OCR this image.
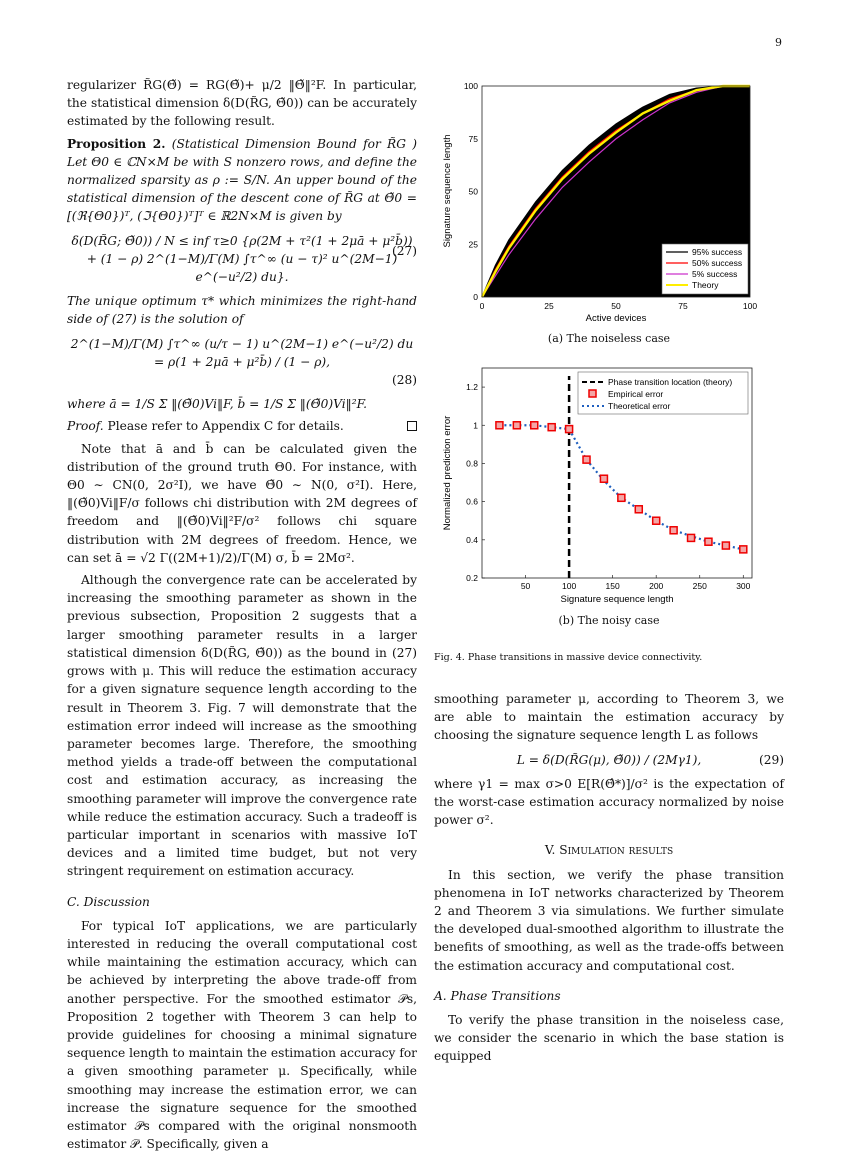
9

regularizer R̃G(Θ̃) = RG(Θ̃)+ μ/2 ‖Θ̃‖²F. In particular, the statistical dimension δ(D(R̃G, Θ̃0)) can be accurately estimated by the following result.

Proposition 2. (Statistical Dimension Bound for R̃G ) Let Θ0 ∈ ℂN×M be with S nonzero rows, and define the normalized sparsity as ρ := S/N. An upper bound of the statistical dimension of the descent cone of R̃G at Θ̃0 = [(ℜ{Θ0})ᵀ, (ℑ{Θ0})ᵀ]ᵀ ∈ ℝ2N×M is given by

δ(D(R̃G; Θ̃0)) / N ≤ inf τ≥0 {ρ(2M + τ²(1 + 2μā + μ²b̄))
+ (1 − ρ) 2^(1−M)/Γ(M) ∫τ^∞ (u − τ)² u^(2M−1) e^(−u²/2) du}.
(27)

The unique optimum τ* which minimizes the right-hand side of (27) is the solution of

2^(1−M)/Γ(M) ∫τ^∞ (u/τ − 1) u^(2M−1) e^(−u²/2) du = ρ(1 + 2μā + μ²b̄) / (1 − ρ),
(28)

where ā = 1/S Σ ‖(Θ̃0)Vi‖F, b̄ = 1/S Σ ‖(Θ̃0)Vi‖²F.

Proof. Please refer to Appendix C for details.

Note that ā and b̄ can be calculated given the distribution of the ground truth Θ0. For instance, with Θ0 ∼ CN(0, 2σ²I), we have Θ̃0 ∼ N(0, σ²I). Here, ‖(Θ̃0)Vi‖F/σ follows chi distribution with 2M degrees of freedom and ‖(Θ̃0)Vi‖²F/σ² follows chi square distribution with 2M degrees of freedom. Hence, we can set ā = √2 Γ((2M+1)/2)/Γ(M) σ, b̄ = 2Mσ².

Although the convergence rate can be accelerated by increasing the smoothing parameter as shown in the previous subsection, Proposition 2 suggests that a larger smoothing parameter results in a larger statistical dimension δ(D(R̃G, Θ̃0)) as the bound in (27) grows with μ. This will reduce the estimation accuracy for a given signature sequence length according to the result in Theorem 3. Fig. 7 will demonstrate that the estimation error indeed will increase as the smoothing parameter becomes large. Therefore, the smoothing method yields a trade-off between the computational cost and estimation accuracy, as increasing the smoothing parameter will improve the convergence rate while reduce the estimation accuracy. Such a tradeoff is particular important in scenarios with massive IoT devices and a limited time budget, but not very stringent requirement on estimation accuracy.

C. Discussion

For typical IoT applications, we are particularly interested in reducing the overall computational cost while maintaining the estimation accuracy, which can be achieved by interpreting the above trade-off from another perspective. For the smoothed estimator 𝒫s, Proposition 2 together with Theorem 3 can help to provide guidelines for choosing a minimal signature sequence length to maintain the estimation accuracy for a given smoothing parameter μ. Specifically, while smoothing may increase the estimation error, we can increase the signature sequence for the smoothed estimator 𝒫s compared with the original nonsmooth estimator 𝒫. Specifically, given a

0	25	50	75	100
0
25
50
75
100
95% success
50% success
5% success
Theory
Active devices
Signature sequence length
(a) The noiseless case
50	100	150	200	250	300
0.2
0.4
0.6
0.8
1
1.2
Phase transition location (theory)
Empirical error
Theoretical error
Signature sequence length
Normalized prediction error
(b) The noisy case
Fig. 4. Phase transitions in massive device connectivity.

smoothing parameter μ, according to Theorem 3, we are able to maintain the estimation accuracy by choosing the signature sequence length L as follows

L = δ(D(R̃G(μ), Θ̃0)) / (2Mγ1),	(29)

where γ1 = max σ>0 E[R(Θ̂*)]/σ² is the expectation of the worst-case estimation accuracy normalized by noise power σ².

V. Simulation results

In this section, we verify the phase transition phenomena in IoT networks characterized by Theorem 2 and Theorem 3 via simulations. We further simulate the developed dual-smoothed algorithm to illustrate the benefits of smoothing, as well as the trade-offs between the estimation accuracy and computational cost.

A. Phase Transitions

To verify the phase transition in the noiseless case, we consider the scenario in which the base station is equipped
